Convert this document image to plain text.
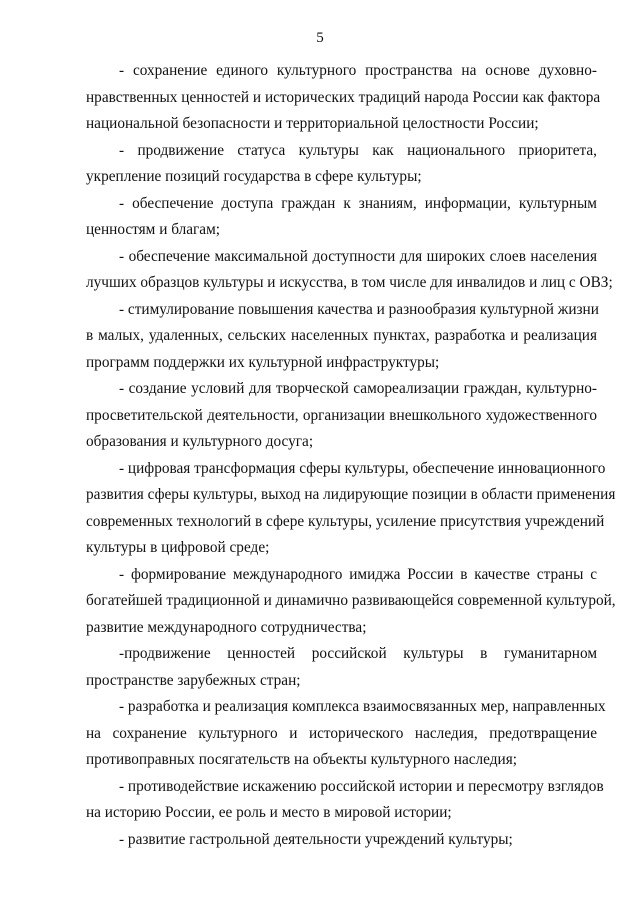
5

- сохранение единого культурного пространства на основе духовно-
нравственных ценностей и исторических традиций народа России как фактора
национальной безопасности и территориальной целостности России;

- продвижение статуса культуры как национального приоритета,
укрепление позиций государства в сфере культуры;

- обеспечение доступа граждан к знаниям, информации, культурным
ценностям и благам;

- обеспечение максимальной доступности для широких слоев населения
лучших образцов культуры и искусства, в том числе для инвалидов и лиц с ОВЗ;

- стимулирование повышения качества и разнообразия культурной жизни
в малых, удаленных, сельских населенных пунктах, разработка и реализация
программ поддержки их культурной инфраструктуры;

- создание условий для творческой самореализации граждан, культурно-
просветительской деятельности, организации внешкольного художественного
образования и культурного досуга;

- цифровая трансформация сферы культуры, обеспечение инновационного
развития сферы культуры, выход на лидирующие позиции в области применения
современных технологий в сфере культуры, усиление присутствия учреждений
культуры в цифровой среде;

- формирование международного имиджа России в качестве страны с
богатейшей традиционной и динамично развивающейся современной культурой,
развитие международного сотрудничества;

-продвижение ценностей российской культуры в гуманитарном
пространстве зарубежных стран;

- разработка и реализация комплекса взаимосвязанных мер, направленных
на сохранение культурного и исторического наследия, предотвращение
противоправных посягательств на объекты культурного наследия;

- противодействие искажению российской истории и пересмотру взглядов
на историю России, ее роль и место в мировой истории;

- развитие гастрольной деятельности учреждений культуры;
